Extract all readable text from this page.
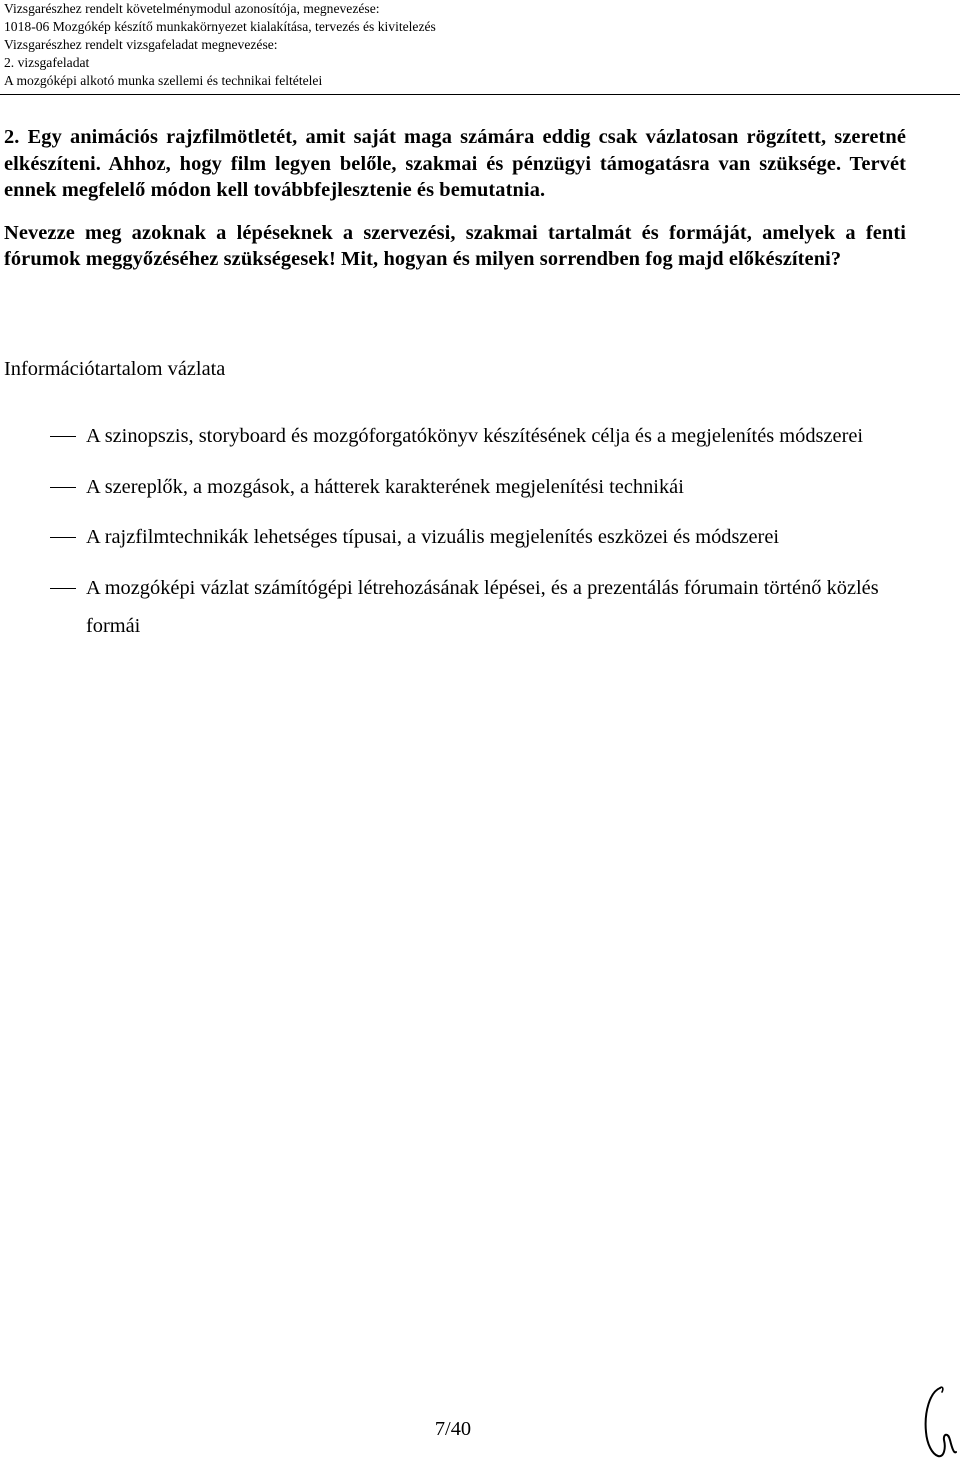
Vizsgarészhez rendelt követelménymodul azonosítója, megnevezése:
1018-06 Mozgókép készítő munkakörnyezet kialakítása, tervezés és kivitelezés
Vizsgarészhez rendelt vizsgafeladat megnevezése:
2. vizsgafeladat
A mozgóképi alkotó munka szellemi és technikai feltételei

2. Egy animációs rajzfilmötletét, amit saját maga számára eddig csak vázlatosan rögzített, szeretné elkészíteni. Ahhoz, hogy film legyen belőle, szakmai és pénzügyi támogatásra van szüksége. Tervét ennek megfelelő módon kell továbbfejlesztenie és bemutatnia.

Nevezze meg azoknak a lépéseknek a szervezési, szakmai tartalmát és formáját, amelyek a fenti fórumok meggyőzéséhez szükségesek! Mit, hogyan és milyen sorrendben fog majd előkészíteni?

Információtartalom vázlata
A szinopszis, storyboard és mozgóforgatókönyv készítésének célja és a megjelenítés módszerei
A szereplők, a mozgások, a hátterek karakterének megjelenítési technikái
A rajzfilmtechnikák lehetséges típusai, a vizuális megjelenítés eszközei és módszerei
A mozgóképi vázlat számítógépi létrehozásának lépései, és a prezentálás fórumain történő közlés formái
7/40
